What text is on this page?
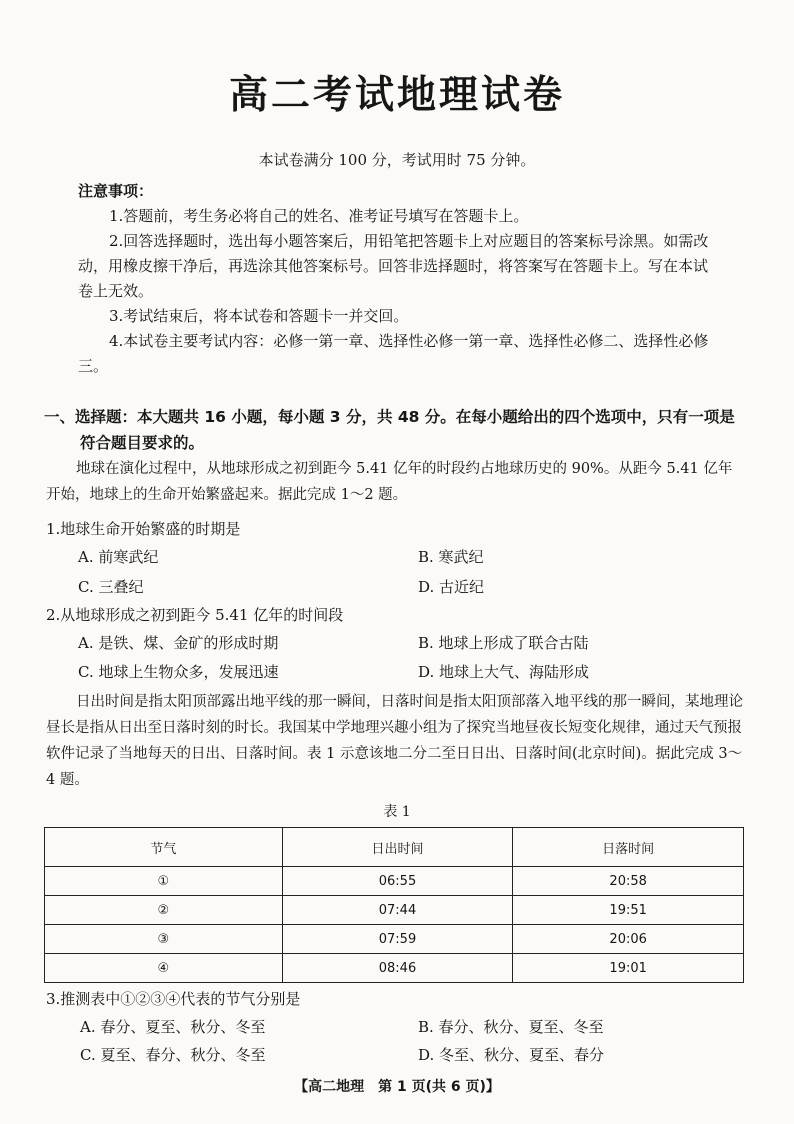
高二考试地理试卷
本试卷满分 100 分，考试用时 75 分钟。
注意事项：

1.答题前，考生务必将自己的姓名、准考证号填写在答题卡上。

2.回答选择题时，选出每小题答案后，用铅笔把答题卡上对应题目的答案标号涂黑。如需改动，用橡皮擦干净后，再选涂其他答案标号。回答非选择题时，将答案写在答题卡上。写在本试卷上无效。

3.考试结束后，将本试卷和答题卡一并交回。

4.本试卷主要考试内容：必修一第一章、选择性必修一第一章、选择性必修二、选择性必修三。

一、选择题：本大题共 16 小题，每小题 3 分，共 48 分。在每小题给出的四个选项中，只有一项是
符合题目要求的。

地球在演化过程中，从地球形成之初到距今 5.41 亿年的时段约占地球历史的 90%。从距今 5.41 亿年开始，地球上的生命开始繁盛起来。据此完成 1～2 题。

1.地球生命开始繁盛的时期是
A. 前寒武纪	B. 寒武纪
C. 三叠纪	D. 古近纪
2.从地球形成之初到距今 5.41 亿年的时间段
A. 是铁、煤、金矿的形成时期	B. 地球上形成了联合古陆
C. 地球上生物众多，发展迅速	D. 地球上大气、海陆形成

日出时间是指太阳顶部露出地平线的那一瞬间，日落时间是指太阳顶部落入地平线的那一瞬间，某地理论昼长是指从日出至日落时刻的时长。我国某中学地理兴趣小组为了探究当地昼夜长短变化规律，通过天气预报软件记录了当地每天的日出、日落时间。表 1 示意该地二分二至日日出、日落时间(北京时间)。据此完成 3～4 题。

表 1
节气	日出时间	日落时间
①	06:55	20:58
②	07:44	19:51
③	07:59	20:06
④	08:46	19:01
3.推测表中①②③④代表的节气分别是
A. 春分、夏至、秋分、冬至	B. 春分、秋分、夏至、冬至
C. 夏至、春分、秋分、冬至	D. 冬至、秋分、夏至、春分
【高二地理　第 1 页(共 6 页)】
